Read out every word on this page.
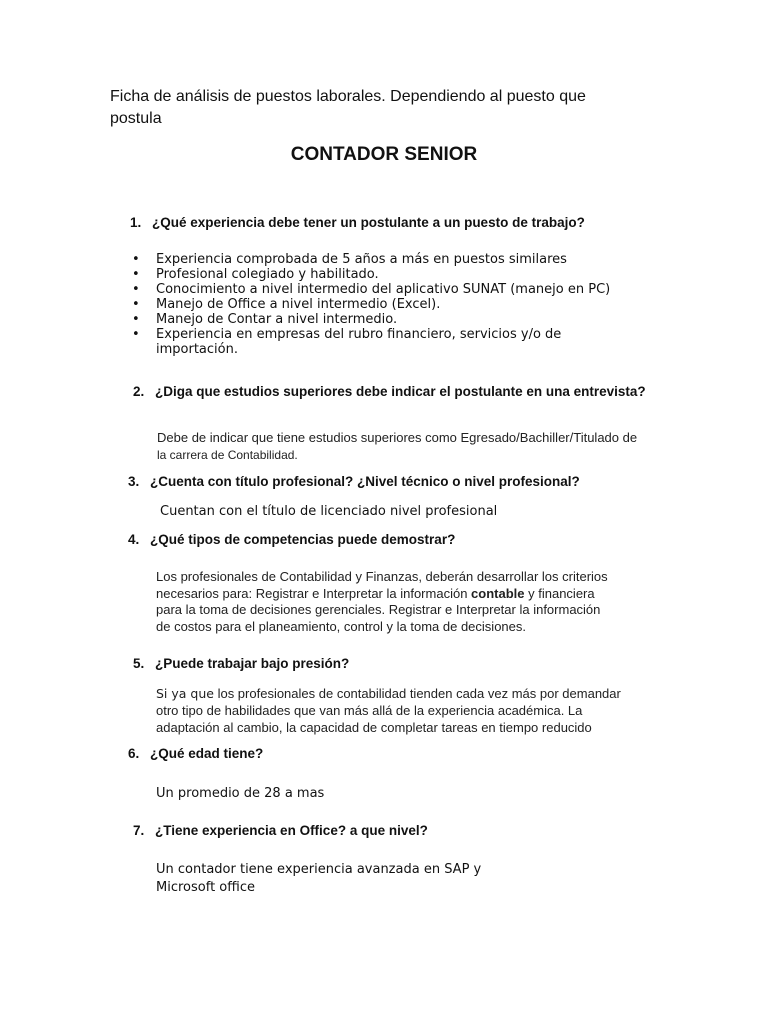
Ficha de análisis de puestos laborales. Dependiendo al puesto que
postula
CONTADOR SENIOR
1. ¿Qué experiencia debe tener un postulante a un puesto de trabajo?
• Experiencia comprobada de 5 años a más en puestos similares
• Profesional colegiado y habilitado.
• Conocimiento a nivel intermedio del aplicativo SUNAT (manejo en PC)
• Manejo de Office a nivel intermedio (Excel).
• Manejo de Contar a nivel intermedio.
• Experiencia en empresas del rubro financiero, servicios y/o de importación.
2. ¿Diga que estudios superiores debe indicar el postulante en una entrevista?
Debe de indicar que tiene estudios superiores como Egresado/Bachiller/Titulado de
la carrera de Contabilidad.
3. ¿Cuenta con título profesional? ¿Nivel técnico o nivel profesional?
Cuentan con el título de licenciado nivel profesional
4. ¿Qué tipos de competencias puede demostrar?
Los profesionales de Contabilidad y Finanzas, deberán desarrollar los criterios
necesarios para: Registrar e Interpretar la información contable y financiera
para la toma de decisiones gerenciales. Registrar e Interpretar la información
de costos para el planeamiento, control y la toma de decisiones.
5. ¿Puede trabajar bajo presión?
Si ya que los profesionales de contabilidad tienden cada vez más por demandar
otro tipo de habilidades que van más allá de la experiencia académica. La
adaptación al cambio, la capacidad de completar tareas en tiempo reducido
6. ¿Qué edad tiene?
Un promedio de 28 a mas
7. ¿Tiene experiencia en Office? a que nivel?
Un contador tiene experiencia avanzada en SAP y
Microsoft office
